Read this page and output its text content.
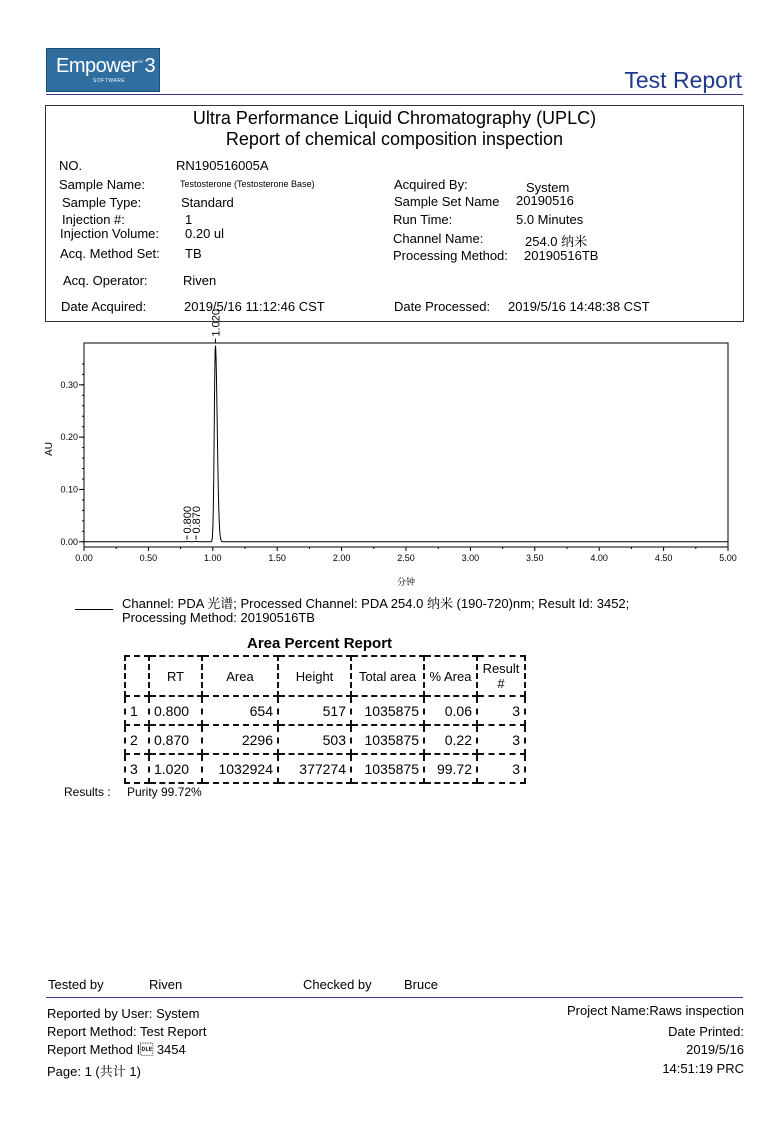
Empower™ 3
SOFTWARE	Test Report
Ultra Performance Liquid Chromatography (UPLC)
Report of chemical composition inspection
NO.	RN190516005A
Sample Name:	Testosterone (Testosterone Base)
Sample Type:	Standard
Injection #:	1
Injection Volume: 0.20 ul
Acq. Method Set: TB
Acq. Operator:	Riven
Date Acquired:	2019/5/16 11:12:46 CST
Acquired By:	System
Sample Set Name 20190516
Run Time:	5.0 Minutes
Channel Name:	254.0 纳米
Processing Method: 20190516TB
Date Processed: 2019/5/16 14:48:38 CST
0.00	0.50	1.00	1.50	2.00	2.50	3.00	3.50	4.00	4.50	5.00
0.00
0.10
0.20
0.30
0.800
0.870
1.020
分钟
AU
Channel: PDA 光谱; Processed Channel: PDA 254.0 纳米 (190-720)nm; Result Id: 3452;
Processing Method: 20190516TB
Area Percent Report
	RT	Area	Height	Total area	% Area	Result #
1	0.800	654	517	1035875	0.06	3
2	0.870	2296	503	1035875	0.22	3
3	1.020	1032924	377274	1035875	99.72	3
Results : Purity 99.72%
Tested by	Riven	Checked by Bruce
Reported by User: System
Report Method: Test Report
Report Method I 3454
Page: 1 (共计 1)
Project Name:Raws inspection
Date Printed:
2019/5/16
14:51:19 PRC
